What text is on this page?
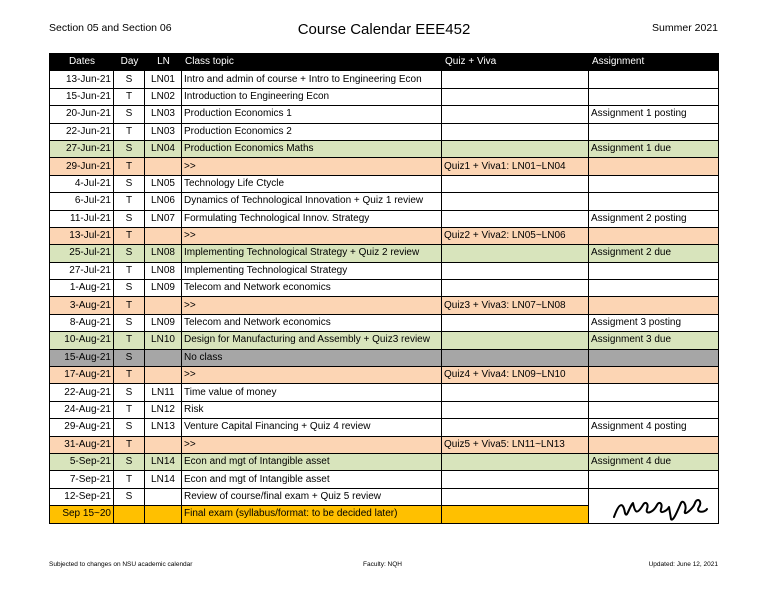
Section 05 and Section 06	Course Calendar EEE452	Summer 2021
Dates	Day	LN	Class topic	Quiz + Viva	Assignment
13-Jun-21	S	LN01	Intro and admin of course + Intro to Engineering Econ		
15-Jun-21	T	LN02	Introduction to Engineering Econ		
20-Jun-21	S	LN03	Production Economics 1		Assignment 1 posting
22-Jun-21	T	LN03	Production Economics 2		
27-Jun-21	S	LN04	Production Economics Maths		Assignment 1 due
29-Jun-21	T		>>	Quiz1 + Viva1: LN01~LN04	
4-Jul-21	S	LN05	Technology Life Ctycle		
6-Jul-21	T	LN06	Dynamics of Technological Innovation + Quiz 1 review		
11-Jul-21	S	LN07	Formulating Technological Innov. Strategy		Assignment 2 posting
13-Jul-21	T		>>	Quiz2 + Viva2: LN05~LN06	
25-Jul-21	S	LN08	Implementing Technological Strategy + Quiz 2 review		Assignment 2 due
27-Jul-21	T	LN08	Implementing Technological Strategy		
1-Aug-21	S	LN09	Telecom and Network economics		
3-Aug-21	T		>>	Quiz3 + Viva3: LN07~LN08	
8-Aug-21	S	LN09	Telecom and Network economics		Assigment 3 posting
10-Aug-21	T	LN10	Design for Manufacturing and Assembly + Quiz3 review		Assignment 3 due
15-Aug-21	S		No class		
17-Aug-21	T		>>	Quiz4 + Viva4: LN09~LN10	
22-Aug-21	S	LN11	Time value of money		
24-Aug-21	T	LN12	Risk		
29-Aug-21	S	LN13	Venture Capital Financing + Quiz 4 review		Assignment 4 posting
31-Aug-21	T		>>	Quiz5 + Viva5: LN11~LN13	
5-Sep-21	S	LN14	Econ and mgt of Intangible asset		Assignment 4 due
7-Sep-21	T	LN14	Econ and mgt of Intangible asset		
12-Sep-21	S		Review of course/final exam + Quiz 5 review		

Sep 15~20			Final exam (syllabus/format: to be decided later)		
Subjected to changes on NSU academic calendar	Faculty: NQH	Updated: June 12, 2021
